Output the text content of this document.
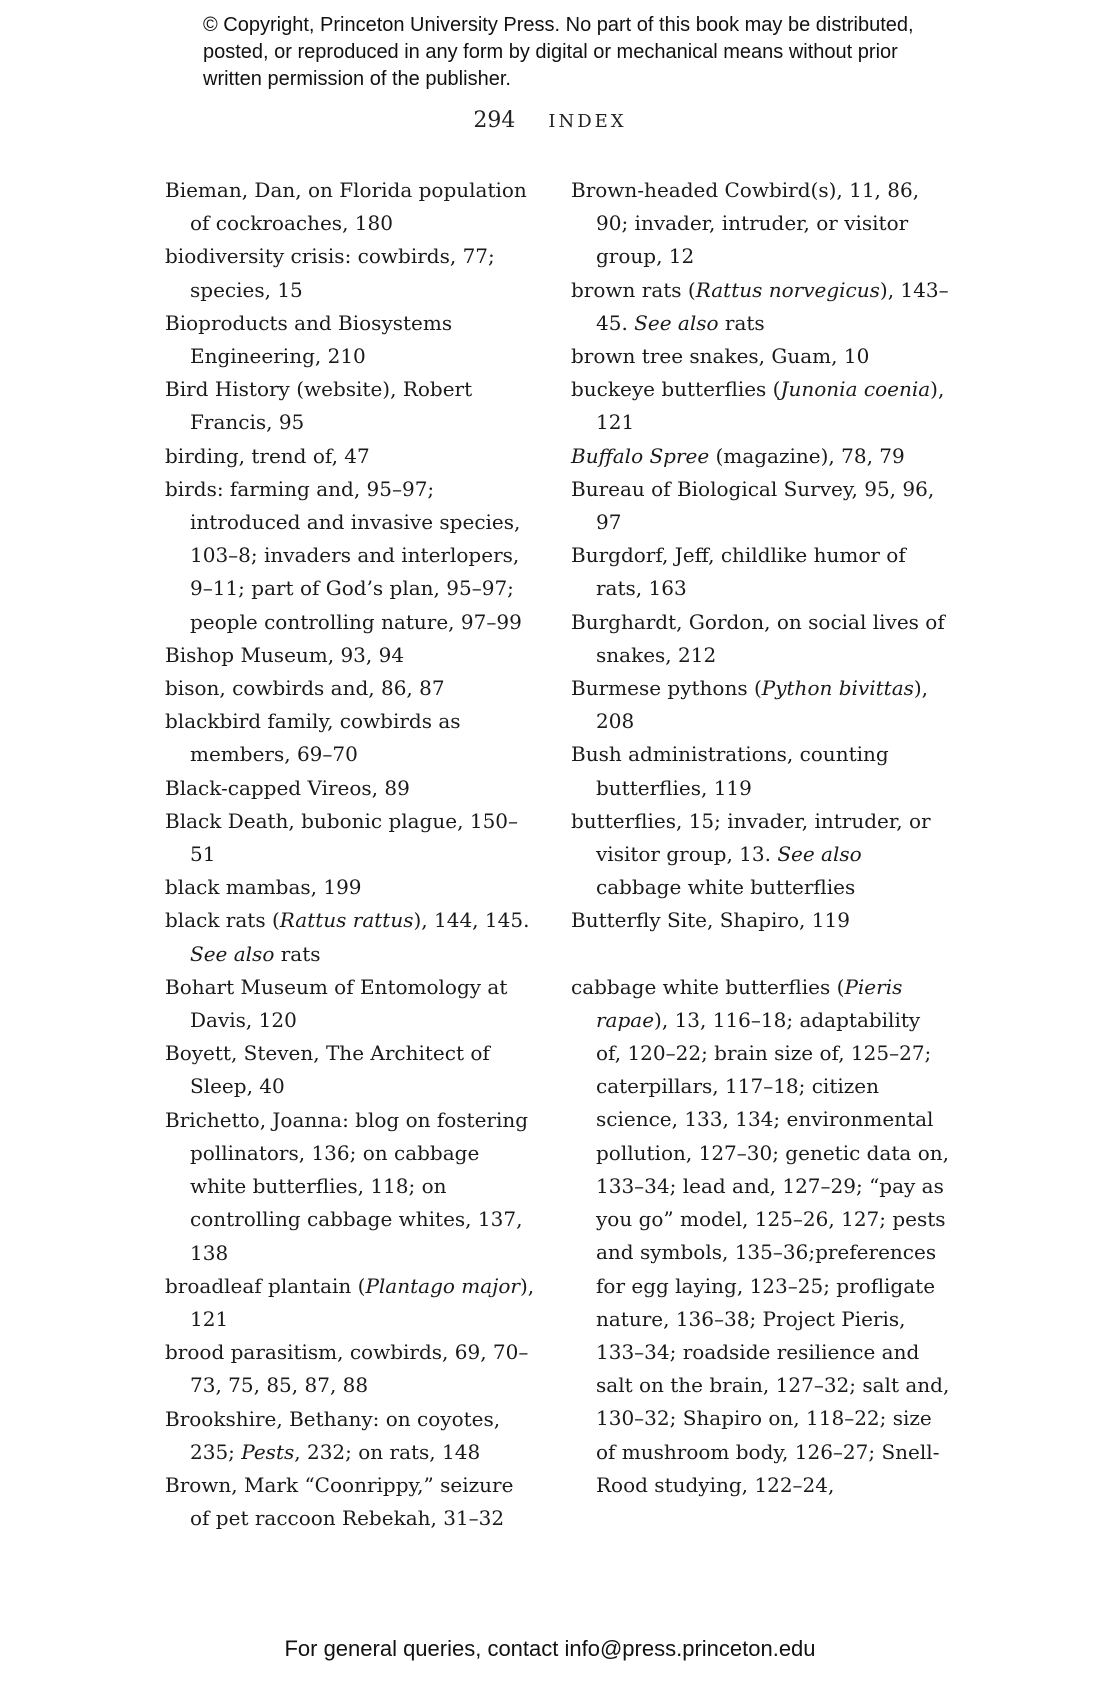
© Copyright, Princeton University Press. No part of this book may be distributed, posted, or reproduced in any form by digital or mechanical means without prior written permission of the publisher.
294 INDEX

Bieman, Dan, on Florida population of cockroaches, 180

biodiversity crisis: cowbirds, 77; species, 15

Bioproducts and Biosystems Engineering, 210

Bird History (website), Robert Francis, 95

birding, trend of, 47

birds: farming and, 95–97; introduced and invasive species, 103–8; invaders and interlopers, 9–11; part of God’s plan, 95–97; people controlling nature, 97–99

Bishop Museum, 93, 94

bison, cowbirds and, 86, 87

blackbird family, cowbirds as members, 69–70

Black-capped Vireos, 89

Black Death, bubonic plague, 150–51

black mambas, 199

black rats (Rattus rattus), 144, 145. See also rats

Bohart Museum of Entomology at Davis, 120

Boyett, Steven, The Architect of Sleep, 40

Brichetto, Joanna: blog on fostering pollinators, 136; on cabbage white butterflies, 118; on controlling cabbage whites, 137, 138

broadleaf plantain (Plantago major), 121

brood parasitism, cowbirds, 69, 70–73, 75, 85, 87, 88

Brookshire, Bethany: on coyotes, 235; Pests, 232; on rats, 148

Brown, Mark “Coonrippy,” seizure of pet raccoon Rebekah, 31–32

Brown-headed Cowbird(s), 11, 86, 90; invader, intruder, or visitor group, 12

brown rats (Rattus norvegicus), 143–45. See also rats

brown tree snakes, Guam, 10

buckeye butterflies (Junonia coenia), 121

Buffalo Spree (magazine), 78, 79

Bureau of Biological Survey, 95, 96, 97

Burgdorf, Jeff, childlike humor of rats, 163

Burghardt, Gordon, on social lives of snakes, 212

Burmese pythons (Python bivittas), 208

Bush administrations, counting butterflies, 119

butterflies, 15; invader, intruder, or visitor group, 13. See also cabbage white butterflies

Butterfly Site, Shapiro, 119

cabbage white butterflies (Pieris rapae), 13, 116–18; adaptability of, 120–22; brain size of, 125–27; caterpillars, 117–18; citizen science, 133, 134; environmental pollution, 127–30; genetic data on, 133–34; lead and, 127–29; “pay as you go” model, 125–26, 127; pests and symbols, 135–36;preferences for egg laying, 123–25; profligate nature, 136–38; Project Pieris, 133–34; roadside resilience and salt on the brain, 127–32; salt and, 130–32; Shapiro on, 118–22; size of mushroom body, 126–27; Snell-Rood studying, 122–24,

For general queries, contact info@press.princeton.edu
